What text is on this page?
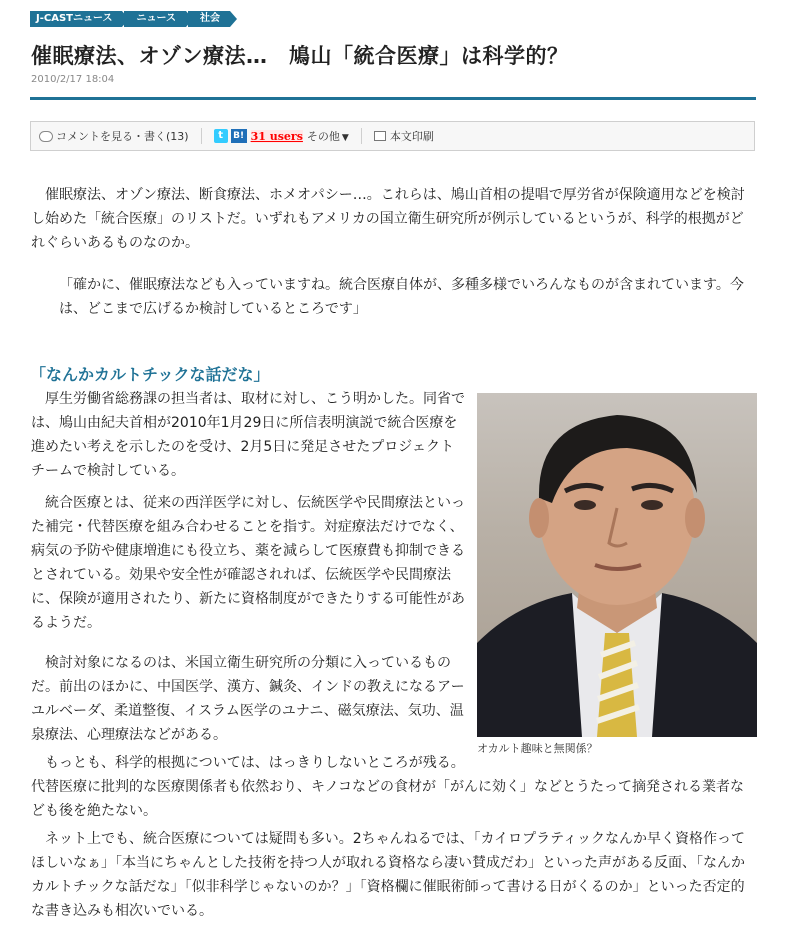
J-CASTニュース	ニュース	社会
催眠療法、オゾン療法…　鳩山「統合医療」は科学的？
2010/2/17 18:04
コメントを見る・書く(13)	t	B! 31 users その他 ▼	本文印刷

催眠療法、オゾン療法、断食療法、ホメオパシー…。これらは、鳩山首相の提唱で厚労省が保険適用などを検討し始めた「統合医療」のリストだ。いずれもアメリカの国立衛生研究所が例示しているというが、科学的根拠がどれぐらいあるものなのか。

「確かに、催眠療法なども入っていますね。統合医療自体が、多種多様でいろんなものが含まれています。今は、どこまで広げるか検討しているところです」

「なんかカルトチックな話だな」

厚生労働省総務課の担当者は、取材に対し、こう明かした。同省では、鳩山由紀夫首相が2010年1月29日に所信表明演説で統合医療を進めたい考えを示したのを受け、2月5日に発足させたプロジェクトチームで検討している。

統合医療とは、従来の西洋医学に対し、伝統医学や民間療法といった補完・代替医療を組み合わせることを指す。対症療法だけでなく、病気の予防や健康増進にも役立ち、薬を減らして医療費も抑制できるとされている。効果や安全性が確認されれば、伝統医学や民間療法に、保険が適用されたり、新たに資格制度ができたりする可能性があるようだ。

検討対象になるのは、米国立衛生研究所の分類に入っているものだ。前出のほかに、中国医学、漢方、鍼灸、インドの教えになるアーユルベーダ、柔道整復、イスラム医学のユナニ、磁気療法、気功、温泉療法、心理療法などがある。

もっとも、科学的根拠については、はっきりしないところが残る。

代替医療に批判的な医療関係者も依然おり、キノコなどの食材が「がんに効く」などとうたって摘発される業者なども後を絶たない。

ネット上でも、統合医療については疑問も多い。2ちゃんねるでは、「カイロプラティックなんか早く資格作ってほしいなぁ」「本当にちゃんとした技術を持つ人が取れる資格なら凄い賛成だわ」といった声がある反面、「なんかカルトチックな話だな」「似非科学じゃないのか？」「資格欄に催眠術師って書ける日がくるのか」といった否定的な書き込みも相次いでいる。

オカルト趣味と無関係？
